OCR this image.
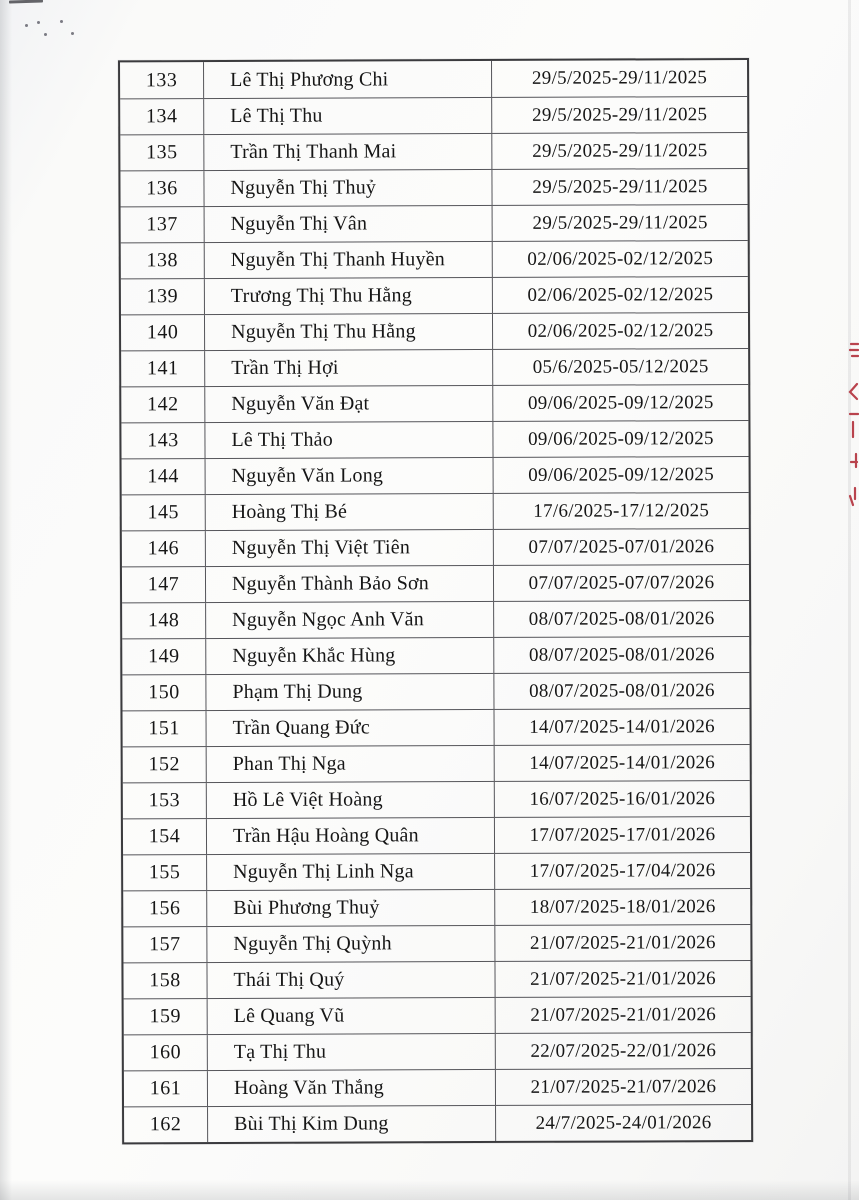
133	Lê Thị Phương Chi	29/5/2025-29/11/2025
134	Lê Thị Thu	29/5/2025-29/11/2025
135	Trần Thị Thanh Mai	29/5/2025-29/11/2025
136	Nguyễn Thị Thuỷ	29/5/2025-29/11/2025
137	Nguyễn Thị Vân	29/5/2025-29/11/2025
138	Nguyễn Thị Thanh Huyền	02/06/2025-02/12/2025
139	Trương Thị Thu Hằng	02/06/2025-02/12/2025
140	Nguyễn Thị Thu Hằng	02/06/2025-02/12/2025
141	Trần Thị Hợi	05/6/2025-05/12/2025
142	Nguyễn Văn Đạt	09/06/2025-09/12/2025
143	Lê Thị Thảo	09/06/2025-09/12/2025
144	Nguyễn Văn Long	09/06/2025-09/12/2025
145	Hoàng Thị Bé	17/6/2025-17/12/2025
146	Nguyễn Thị Việt Tiên	07/07/2025-07/01/2026
147	Nguyễn Thành Bảo Sơn	07/07/2025-07/07/2026
148	Nguyễn Ngọc Anh Văn	08/07/2025-08/01/2026
149	Nguyễn Khắc Hùng	08/07/2025-08/01/2026
150	Phạm Thị Dung	08/07/2025-08/01/2026
151	Trần Quang Đức	14/07/2025-14/01/2026
152	Phan Thị Nga	14/07/2025-14/01/2026
153	Hồ Lê Việt Hoàng	16/07/2025-16/01/2026
154	Trần Hậu Hoàng Quân	17/07/2025-17/01/2026
155	Nguyễn Thị Linh Nga	17/07/2025-17/04/2026
156	Bùi Phương Thuỷ	18/07/2025-18/01/2026
157	Nguyễn Thị Quỳnh	21/07/2025-21/01/2026
158	Thái Thị Quý	21/07/2025-21/01/2026
159	Lê Quang Vũ	21/07/2025-21/01/2026
160	Tạ Thị Thu	22/07/2025-22/01/2026
161	Hoàng Văn Thắng	21/07/2025-21/07/2026
162	Bùi Thị Kim Dung	24/7/2025-24/01/2026
